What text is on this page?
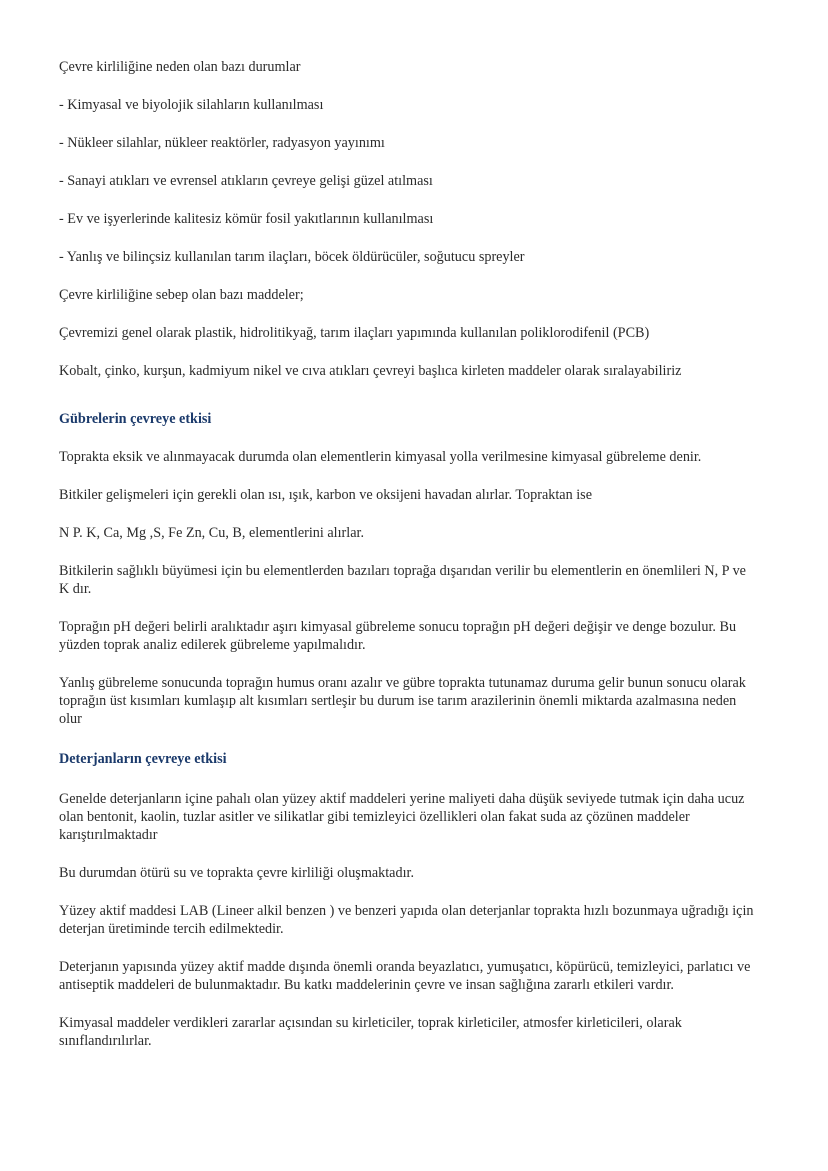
Çevre kirliliğine neden olan bazı durumlar

- Kimyasal ve biyolojik silahların kullanılması

- Nükleer silahlar, nükleer reaktörler, radyasyon yayınımı

- Sanayi atıkları ve evrensel atıkların çevreye gelişi güzel atılması

- Ev ve işyerlerinde kalitesiz kömür fosil yakıtlarının kullanılması

- Yanlış ve bilinçsiz kullanılan tarım ilaçları, böcek öldürücüler, soğutucu spreyler

Çevre kirliliğine sebep olan bazı maddeler;

Çevremizi genel olarak plastik, hidrolitikyağ, tarım ilaçları yapımında kullanılan poliklorodifenil (PCB)

Kobalt, çinko, kurşun, kadmiyum nikel ve cıva atıkları çevreyi başlıca kirleten maddeler olarak sıralayabiliriz

Gübrelerin çevreye etkisi

Toprakta eksik ve alınmayacak durumda olan elementlerin kimyasal yolla verilmesine kimyasal gübreleme denir.

Bitkiler gelişmeleri için gerekli olan ısı, ışık, karbon ve oksijeni havadan alırlar. Topraktan ise

N P. K, Ca, Mg ,S, Fe Zn, Cu, B, elementlerini alırlar.

Bitkilerin sağlıklı büyümesi için bu elementlerden bazıları toprağa dışarıdan verilir bu elementlerin en önemlileri N, P ve K dır.

Toprağın pH değeri belirli aralıktadır aşırı kimyasal gübreleme sonucu toprağın pH değeri değişir ve denge bozulur. Bu yüzden toprak analiz edilerek gübreleme yapılmalıdır.

Yanlış gübreleme sonucunda toprağın humus oranı azalır ve gübre toprakta tutunamaz duruma gelir bunun sonucu olarak toprağın üst kısımları kumlaşıp alt kısımları sertleşir bu durum ise tarım arazilerinin önemli miktarda azalmasına neden olur

Deterjanların çevreye etkisi

Genelde deterjanların içine pahalı olan yüzey aktif maddeleri yerine maliyeti daha düşük seviyede tutmak için daha ucuz olan bentonit, kaolin, tuzlar asitler ve silikatlar gibi temizleyici özellikleri olan fakat suda az çözünen maddeler karıştırılmaktadır

Bu durumdan ötürü su ve toprakta çevre kirliliği oluşmaktadır.

Yüzey aktif maddesi LAB (Lineer alkil benzen ) ve benzeri yapıda olan deterjanlar toprakta hızlı bozunmaya uğradığı için deterjan üretiminde tercih edilmektedir.

Deterjanın yapısında yüzey aktif madde dışında önemli oranda beyazlatıcı, yumuşatıcı, köpürücü, temizleyici, parlatıcı ve antiseptik maddeleri de bulunmaktadır. Bu katkı maddelerinin çevre ve insan sağlığına zararlı etkileri vardır.

Kimyasal maddeler verdikleri zararlar açısından su kirleticiler, toprak kirleticiler, atmosfer kirleticileri, olarak sınıflandırılırlar.
